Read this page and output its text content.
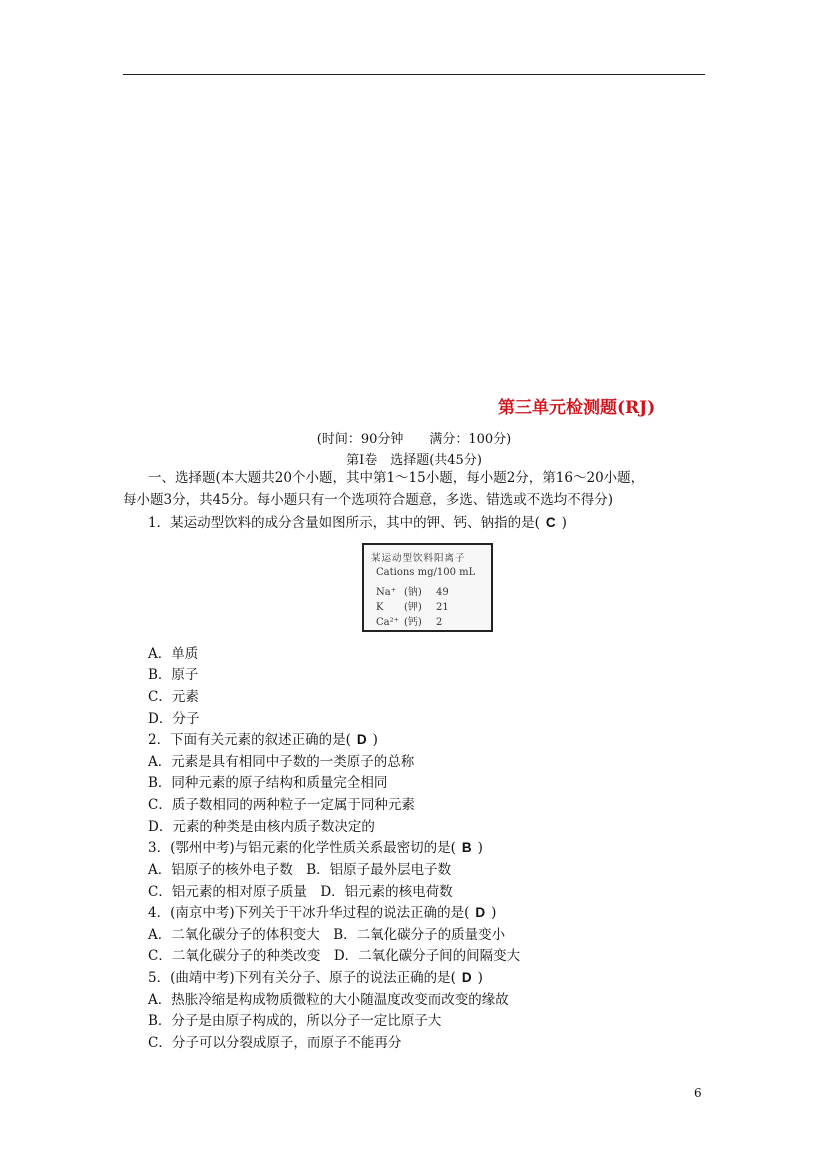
第三单元检测题(RJ)
(时间：90分钟　　满分：100分)
第Ⅰ卷　选择题(共45分)
一、选择题(本大题共20个小题，其中第1～15小题，每小题2分，第16～20小题，
每小题3分，共45分。每小题只有一个选项符合题意，多选、错选或不选均不得分)
1．某运动型饮料的成分含量如图所示，其中的钾、钙、钠指的是( C )
某运动型饮料阳离子
Cations mg/100 mL
Na⁺ (钠) 49
K (钾) 21
Ca²⁺ (钙) 2
A．单质
B．原子
C．元素
D．分子
2．下面有关元素的叙述正确的是( D )
A．元素是具有相同中子数的一类原子的总称
B．同种元素的原子结构和质量完全相同
C．质子数相同的两种粒子一定属于同种元素
D．元素的种类是由核内质子数决定的
3．(鄂州中考)与铝元素的化学性质关系最密切的是( B )
A．铝原子的核外电子数　B．铝原子最外层电子数
C．铝元素的相对原子质量　D．铝元素的核电荷数
4．(南京中考)下列关于干冰升华过程的说法正确的是( D )
A．二氧化碳分子的体积变大　B．二氧化碳分子的质量变小
C．二氧化碳分子的种类改变　D．二氧化碳分子间的间隔变大
5．(曲靖中考)下列有关分子、原子的说法正确的是( D )
A．热胀冷缩是构成物质微粒的大小随温度改变而改变的缘故
B．分子是由原子构成的，所以分子一定比原子大
C．分子可以分裂成原子，而原子不能再分
6
